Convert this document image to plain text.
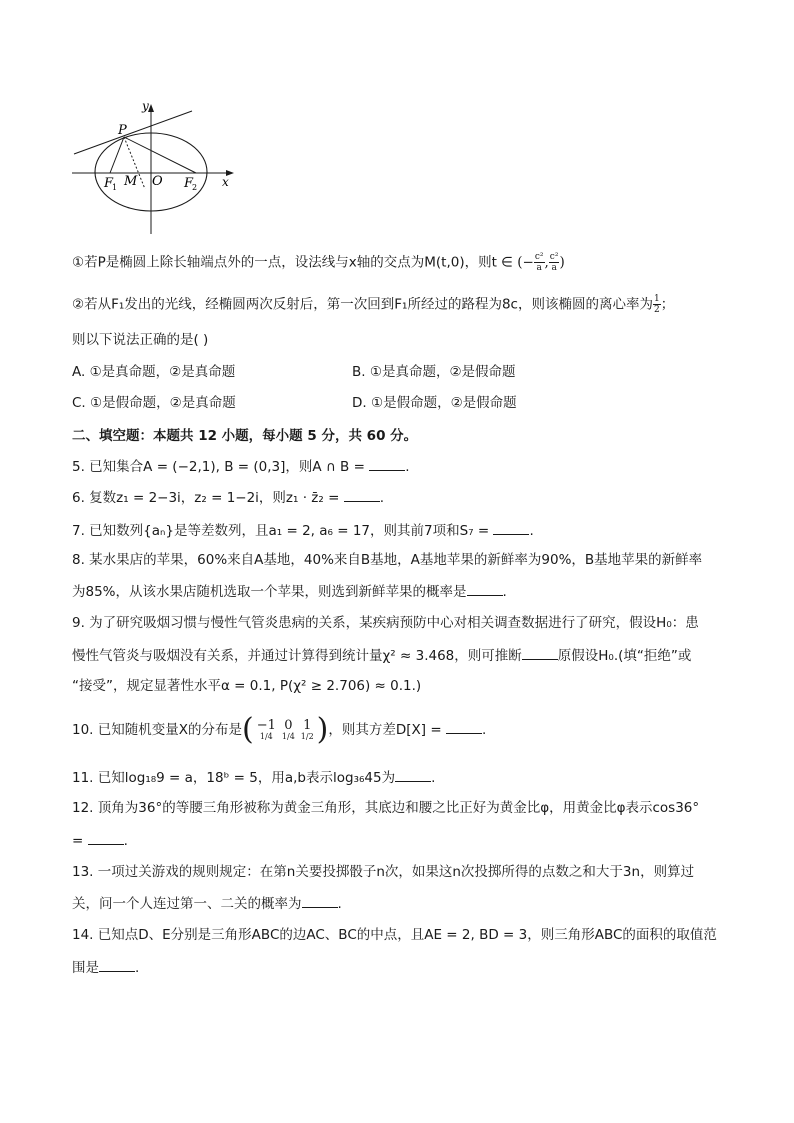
y
x
P
F
1 M O F
2
①若P是椭圆上除长轴端点外的一点，设法线与x轴的交点为M(t,0)，则t ∈ (− $\frac{\text{c²}}{a}$ , $\frac{\text{c²}}{a}$ )
②若从F₁发出的光线，经椭圆两次反射后，第一次回到F₁所经过的路程为8c，则该椭圆的离心率为 $\frac{1}{2}$ ；
则以下说法正确的是( )
A. ①是真命题，②是真命题	B. ①是真命题，②是假命题
C. ①是假命题，②是真命题	D. ①是假命题，②是假命题
二、填空题：本题共 12 小题，每小题 5 分，共 60 分。
5. 已知集合A = (−2,1), B = (0,3]，则A ∩ B =	.
6. 复数z₁ = 2−3i，z₂ = 1−2i，则z₁ · z̄₂ =	.
7. 已知数列{aₙ}是等差数列，且a₁ = 2, a₆ = 17，则其前7项和S₇ =	.
8. 某水果店的苹果，60%来自A基地，40%来自B基地，A基地苹果的新鲜率为90%，B基地苹果的新鲜率
为85%，从该水果店随机选取一个苹果，则选到新鲜苹果的概率是	.
9. 为了研究吸烟习惯与慢性气管炎患病的关系，某疾病预防中心对相关调查数据进行了研究，假设H₀：患
慢性气管炎与吸烟没有关系，并通过计算得到统计量χ² ≈ 3.468，则可推断	原假设H₀.(填“拒绝”或
“接受”，规定显著性水平α = 0.1, P(χ² ≥ 2.706) ≈ 0.1.)
10. 已知随机变量X的分布是( −1	0	1
1/4	1/4	1/2 )，则其方差D[X] =	.
11. 已知log₁₈9 = a，18ᵇ = 5，用a,b表示log₃₆45为	.
12. 顶角为36°的等腰三角形被称为黄金三角形，其底边和腰之比正好为黄金比φ，用黄金比φ表示cos36°
=	.
13. 一项过关游戏的规则规定：在第n关要投掷骰子n次，如果这n次投掷所得的点数之和大于3n，则算过
关，问一个人连过第一、二关的概率为	.
14. 已知点D、E分别是三角形ABC的边AC、BC的中点，且AE = 2, BD = 3，则三角形ABC的面积的取值范
围是	.
